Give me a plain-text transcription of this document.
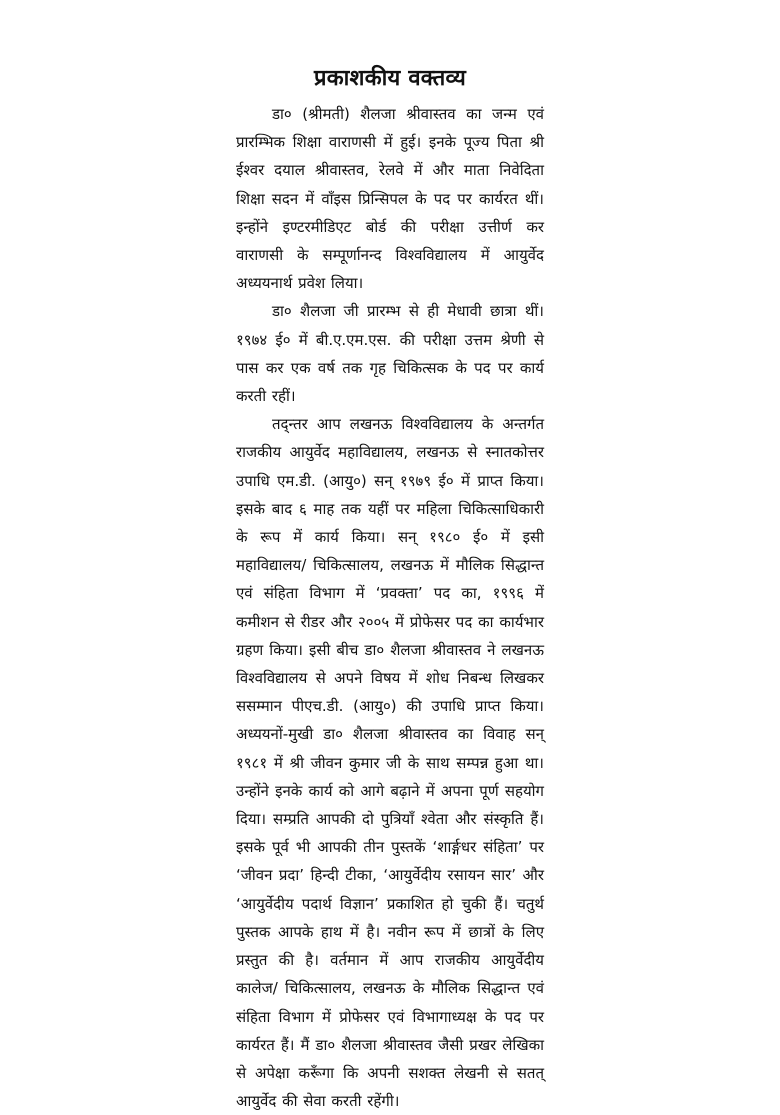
प्रकाशकीय वक्तव्य

डा० (श्रीमती) शैलजा श्रीवास्तव का जन्म एवं प्रारम्भिक शिक्षा वाराणसी में हुई। इनके पूज्य पिता श्री ईश्वर दयाल श्रीवास्तव, रेलवे में और माता निवेदिता शिक्षा सदन में वाँइस प्रिन्सिपल के पद पर कार्यरत थीं। इन्होंने इण्टरमीडिएट बोर्ड की परीक्षा उत्तीर्ण कर वाराणसी के सम्पूर्णानन्द विश्वविद्यालय में आयुर्वेद अध्ययनार्थ प्रवेश लिया।

डा० शैलजा जी प्रारम्भ से ही मेधावी छात्रा थीं। १९७४ ई० में बी.ए.एम.एस. की परीक्षा उत्तम श्रेणी से पास कर एक वर्ष तक गृह चिकित्सक के पद पर कार्य करती रहीं।

तद्न्तर आप लखनऊ विश्वविद्यालय के अन्तर्गत राजकीय आयुर्वेद महाविद्यालय, लखनऊ से स्नातकोत्तर उपाधि एम.डी. (आयु०) सन् १९७९ ई० में प्राप्त किया। इसके बाद ६ माह तक यहीं पर महिला चिकित्साधिकारी के रूप में कार्य किया। सन् १९८० ई० में इसी महाविद्यालय/ चिकित्सालय, लखनऊ में मौलिक सिद्धान्त एवं संहिता विभाग में ‘प्रवक्ता’ पद का, १९९६ में कमीशन से रीडर और २००५ में प्रोफेसर पद का कार्यभार ग्रहण किया। इसी बीच डा० शैलजा श्रीवास्तव ने लखनऊ विश्वविद्यालय से अपने विषय में शोध निबन्ध लिखकर ससम्मान पीएच.डी. (आयु०) की उपाधि प्राप्त किया। अध्ययनों-मुखी डा० शैलजा श्रीवास्तव का विवाह सन् १९८१ में श्री जीवन कुमार जी के साथ सम्पन्न हुआ था। उन्होंने इनके कार्य को आगे बढ़ाने में अपना पूर्ण सहयोग दिया। सम्प्रति आपकी दो पुत्रियाँ श्वेता और संस्कृति हैं। इसके पूर्व भी आपकी तीन पुस्तकें ‘शार्ङ्गधर संहिता’ पर ‘जीवन प्रदा’ हिन्दी टीका, ‘आयुर्वेदीय रसायन सार’ और ‘आयुर्वेदीय पदार्थ विज्ञान’ प्रकाशित हो चुकी हैं। चतुर्थ पुस्तक आपके हाथ में है। नवीन रूप में छात्रों के लिए प्रस्तुत की है। वर्तमान में आप राजकीय आयुर्वेदीय कालेज/ चिकित्सालय, लखनऊ के मौलिक सिद्धान्त एवं संहिता विभाग में प्रोफेसर एवं विभागाध्यक्ष के पद पर कार्यरत हैं। मैं डा० शैलजा श्रीवास्तव जैसी प्रखर लेखिका से अपेक्षा करूँगा कि अपनी सशक्त लेखनी से सतत् आयुर्वेद की सेवा करती रहेंगी।
